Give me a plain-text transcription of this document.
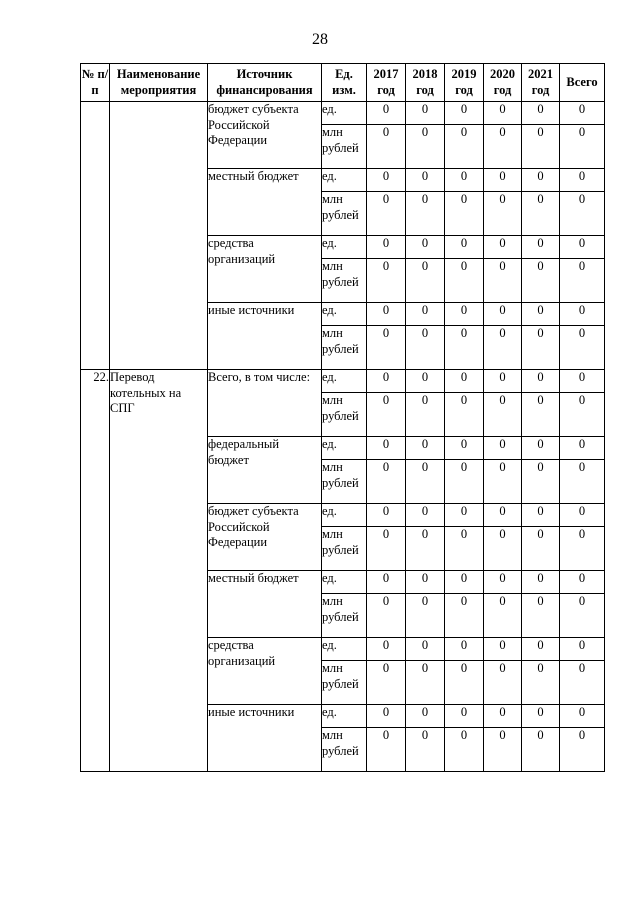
28
№ п/п	Наименование мероприятия	Источник финансирования	Ед. изм.	2017 год	2018 год	2019 год	2020 год	2021 год	Всего
		бюджет субъекта Российской Федерации	ед.	0	0	0	0	0	0
			млн рублей	0	0	0	0	0	0
		местный бюджет	ед.	0	0	0	0	0	0
			млн рублей	0	0	0	0	0	0
		средства организаций	ед.	0	0	0	0	0	0
			млн рублей	0	0	0	0	0	0
		иные источники	ед.	0	0	0	0	0	0
			млн рублей	0	0	0	0	0	0
22.	Перевод котельных на СПГ	Всего, в том числе:	ед.	0	0	0	0	0	0
			млн рублей	0	0	0	0	0	0
		федеральный бюджет	ед.	0	0	0	0	0	0
			млн рублей	0	0	0	0	0	0
		бюджет субъекта Российской Федерации	ед.	0	0	0	0	0	0
			млн рублей	0	0	0	0	0	0
		местный бюджет	ед.	0	0	0	0	0	0
			млн рублей	0	0	0	0	0	0
		средства организаций	ед.	0	0	0	0	0	0
			млн рублей	0	0	0	0	0	0
		иные источники	ед.	0	0	0	0	0	0
			млн рублей	0	0	0	0	0	0
